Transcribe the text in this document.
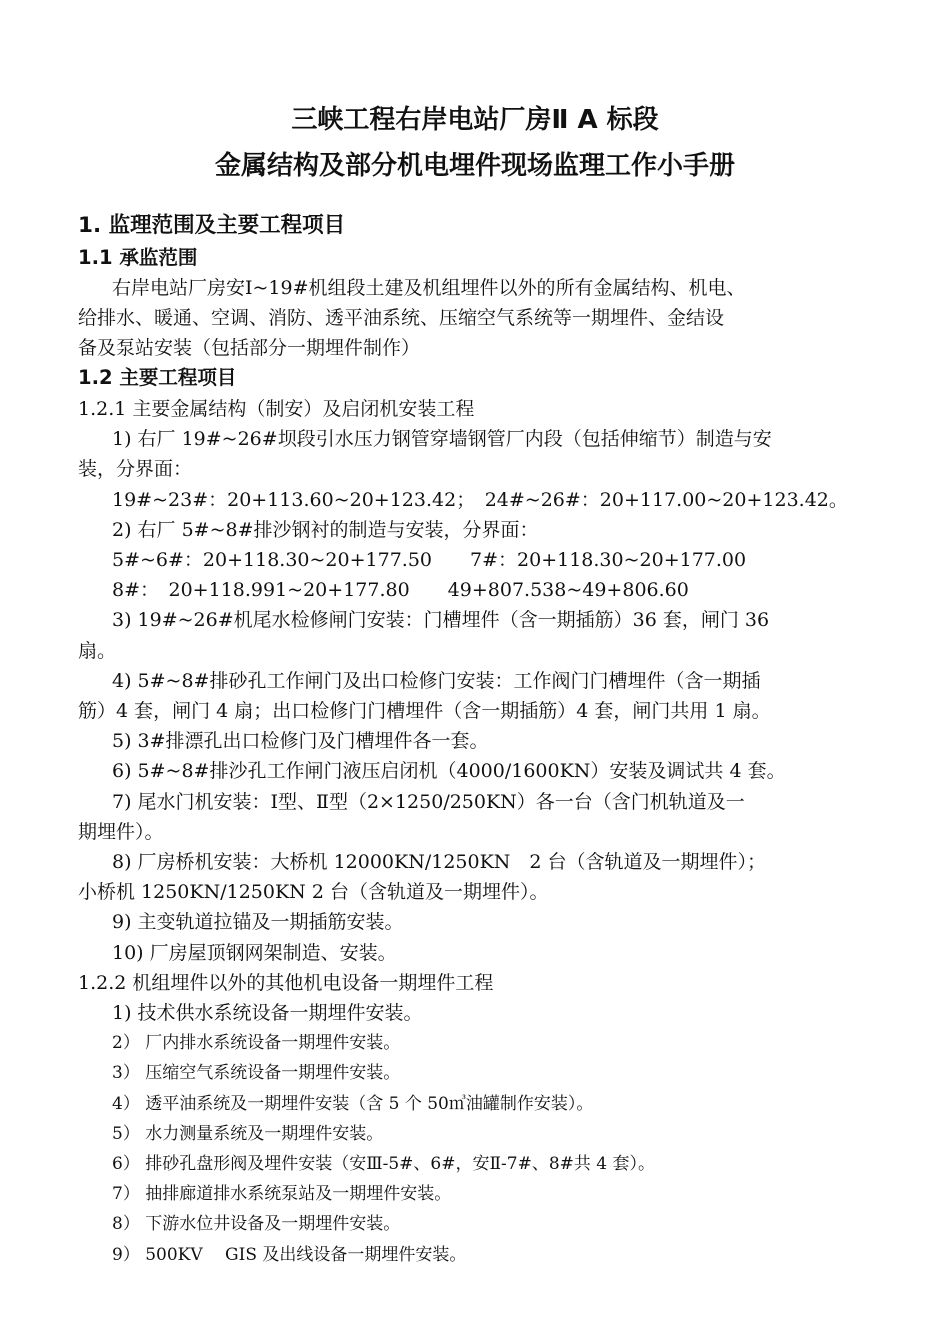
三峡工程右岸电站厂房Ⅱ A 标段
金属结构及部分机电埋件现场监理工作小手册
1. 监理范围及主要工程项目
1.1 承监范围

右岸电站厂房安Ⅰ~19#机组段土建及机组埋件以外的所有金属结构、机电、

给排水、暖通、空调、消防、透平油系统、压缩空气系统等一期埋件、金结设

备及泵站安装（包括部分一期埋件制作）

1.2 主要工程项目

1.2.1 主要金属结构（制安）及启闭机安装工程

1) 右厂 19#~26#坝段引水压力钢管穿墙钢管厂内段（包括伸缩节）制造与安

装，分界面：

19#~23#：20+113.60~20+123.42；　24#~26#：20+117.00~20+123.42。

2) 右厂 5#~8#排沙钢衬的制造与安装，分界面：

5#~6#：20+118.30~20+177.50　　7#：20+118.30~20+177.00

8#：　20+118.991~20+177.80　　49+807.538~49+806.60

3) 19#~26#机尾水检修闸门安装：门槽埋件（含一期插筋）36 套，闸门 36

扇。

4) 5#~8#排砂孔工作闸门及出口检修门安装：工作阀门门槽埋件（含一期插

筋）4 套，闸门 4 扇；出口检修门门槽埋件（含一期插筋）4 套，闸门共用 1 扇。

5) 3#排漂孔出口检修门及门槽埋件各一套。

6) 5#~8#排沙孔工作闸门液压启闭机（4000/1600KN）安装及调试共 4 套。

7) 尾水门机安装：Ⅰ型、Ⅱ型（2×1250/250KN）各一台（含门机轨道及一

期埋件）。

8) 厂房桥机安装：大桥机 12000KN/1250KN　2 台（含轨道及一期埋件）；

小桥机 1250KN/1250KN 2 台（含轨道及一期埋件）。

9) 主变轨道拉锚及一期插筋安装。

10) 厂房屋顶钢网架制造、安装。

1.2.2 机组埋件以外的其他机电设备一期埋件工程

1) 技术供水系统设备一期埋件安装。

2） 厂内排水系统设备一期埋件安装。

3） 压缩空气系统设备一期埋件安装。

4） 透平油系统及一期埋件安装（含 5 个 50㎥油罐制作安装）。

5） 水力测量系统及一期埋件安装。

6） 排砂孔盘形阀及埋件安装（安Ⅲ-5#、6#，安Ⅱ-7#、8#共 4 套）。

7） 抽排廊道排水系统泵站及一期埋件安装。

8） 下游水位井设备及一期埋件安装。

9） 500KV　 GIS 及出线设备一期埋件安装。
